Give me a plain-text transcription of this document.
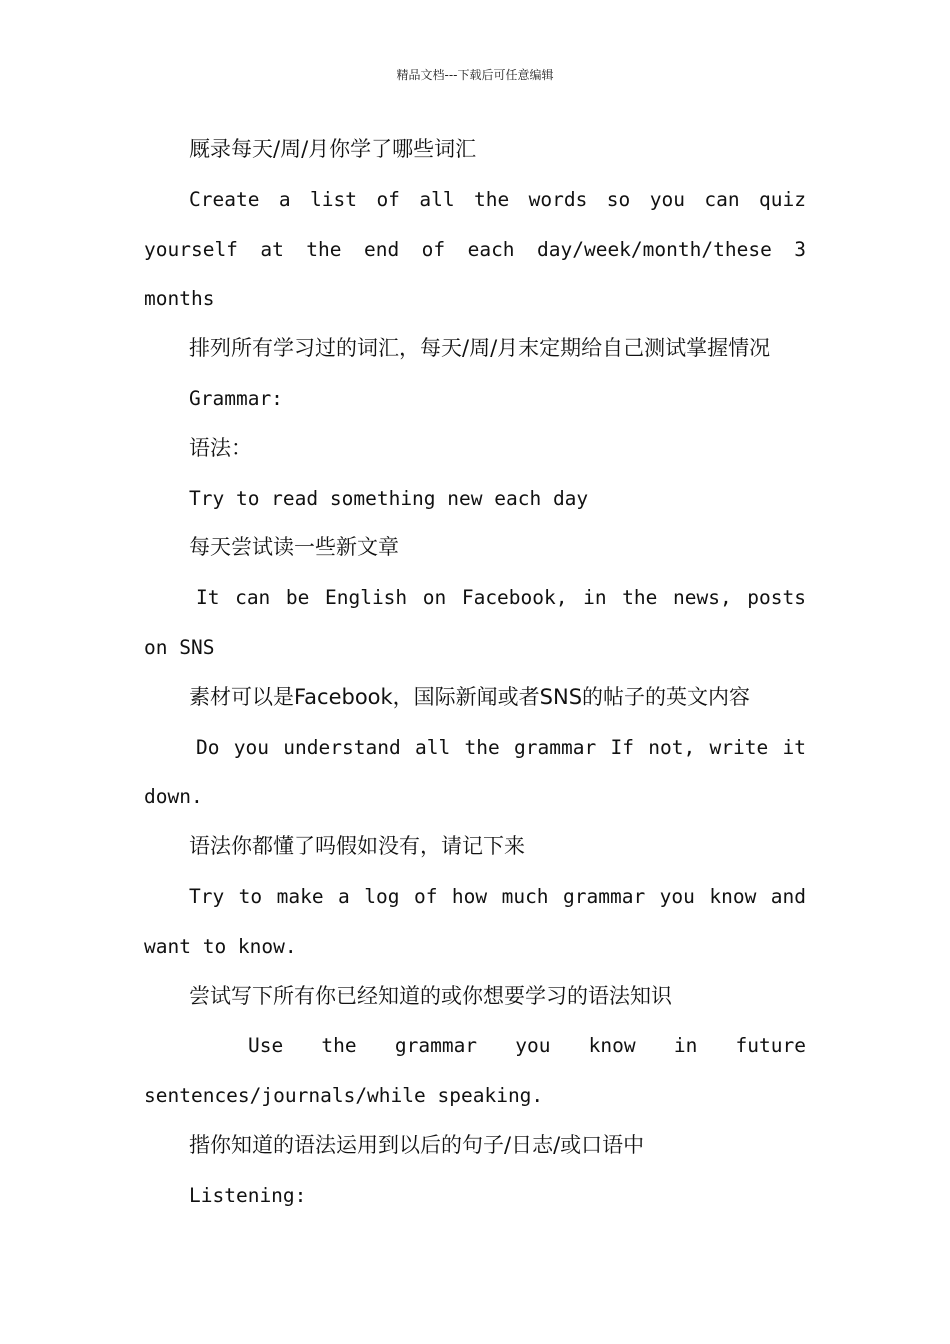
精品文档---下载后可任意编辑

厩录每天/周/月你学了哪些词汇

Create a list of all the words so you can quiz yourself at the end of each day/week/month/these 3 months

排列所有学习过的词汇，每天/周/月末定期给自己测试掌握情况

Grammar:

语法：

Try to read something new each day

每天尝试读一些新文章

It can be English on Facebook, in the news, posts on SNS

素材可以是Facebook，国际新闻或者SNS的帖子的英文内容

Do you understand all the grammar If not, write it down.

语法你都懂了吗假如没有，请记下来

Try to make a log of how much grammar you know and want to know.

尝试写下所有你已经知道的或你想要学习的语法知识

Use the grammar you know in future sentences/journals/while speaking.

揩你知道的语法运用到以后的句子/日志/或口语中

Listening:
